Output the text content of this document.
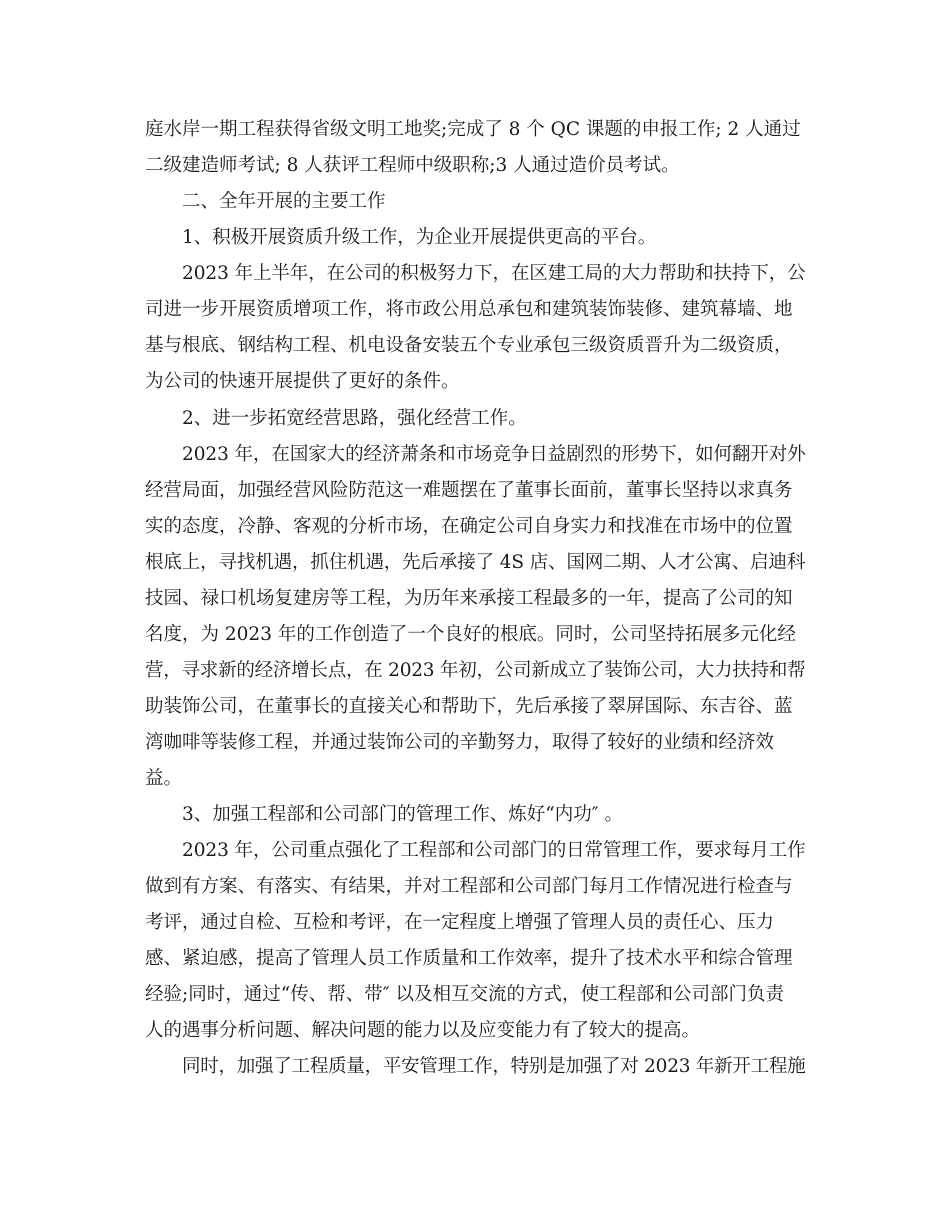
庭水岸一期工程获得省级文明工地奖;完成了 8 个 QC 课题的申报工作; 2 人通过

二级建造师考试; 8 人获评工程师中级职称;3 人通过造价员考试。

二、全年开展的主要工作

1、积极开展资质升级工作，为企业开展提供更高的平台。

2023 年上半年，在公司的积极努力下，在区建工局的大力帮助和扶持下，公

司进一步开展资质增项工作，将市政公用总承包和建筑装饰装修、建筑幕墙、地

基与根底、钢结构工程、机电设备安装五个专业承包三级资质晋升为二级资质，

为公司的快速开展提供了更好的条件。

2、进一步拓宽经营思路，强化经营工作。

2023 年，在国家大的经济萧条和市场竞争日益剧烈的形势下，如何翻开对外

经营局面，加强经营风险防范这一难题摆在了董事长面前，董事长坚持以求真务

实的态度，冷静、客观的分析市场，在确定公司自身实力和找准在市场中的位置

根底上，寻找机遇，抓住机遇，先后承接了 4S 店、国网二期、人才公寓、启迪科

技园、禄口机场复建房等工程，为历年来承接工程最多的一年，提高了公司的知

名度，为 2023 年的工作创造了一个良好的根底。同时，公司坚持拓展多元化经

营，寻求新的经济增长点，在 2023 年初，公司新成立了装饰公司，大力扶持和帮

助装饰公司，在董事长的直接关心和帮助下，先后承接了翠屏国际、东吉谷、蓝

湾咖啡等装修工程，并通过装饰公司的辛勤努力，取得了较好的业绩和经济效

益。

3、加强工程部和公司部门的管理工作、炼好“内功″ 。

2023 年，公司重点强化了工程部和公司部门的日常管理工作，要求每月工作

做到有方案、有落实、有结果，并对工程部和公司部门每月工作情况进行检查与

考评，通过自检、互检和考评，在一定程度上增强了管理人员的责任心、压力

感、紧迫感，提高了管理人员工作质量和工作效率，提升了技术水平和综合管理

经验;同时，通过“传、帮、带″ 以及相互交流的方式，使工程部和公司部门负责

人的遇事分析问题、解决问题的能力以及应变能力有了较大的提高。

同时，加强了工程质量，平安管理工作，特别是加强了对 2023 年新开工程施
